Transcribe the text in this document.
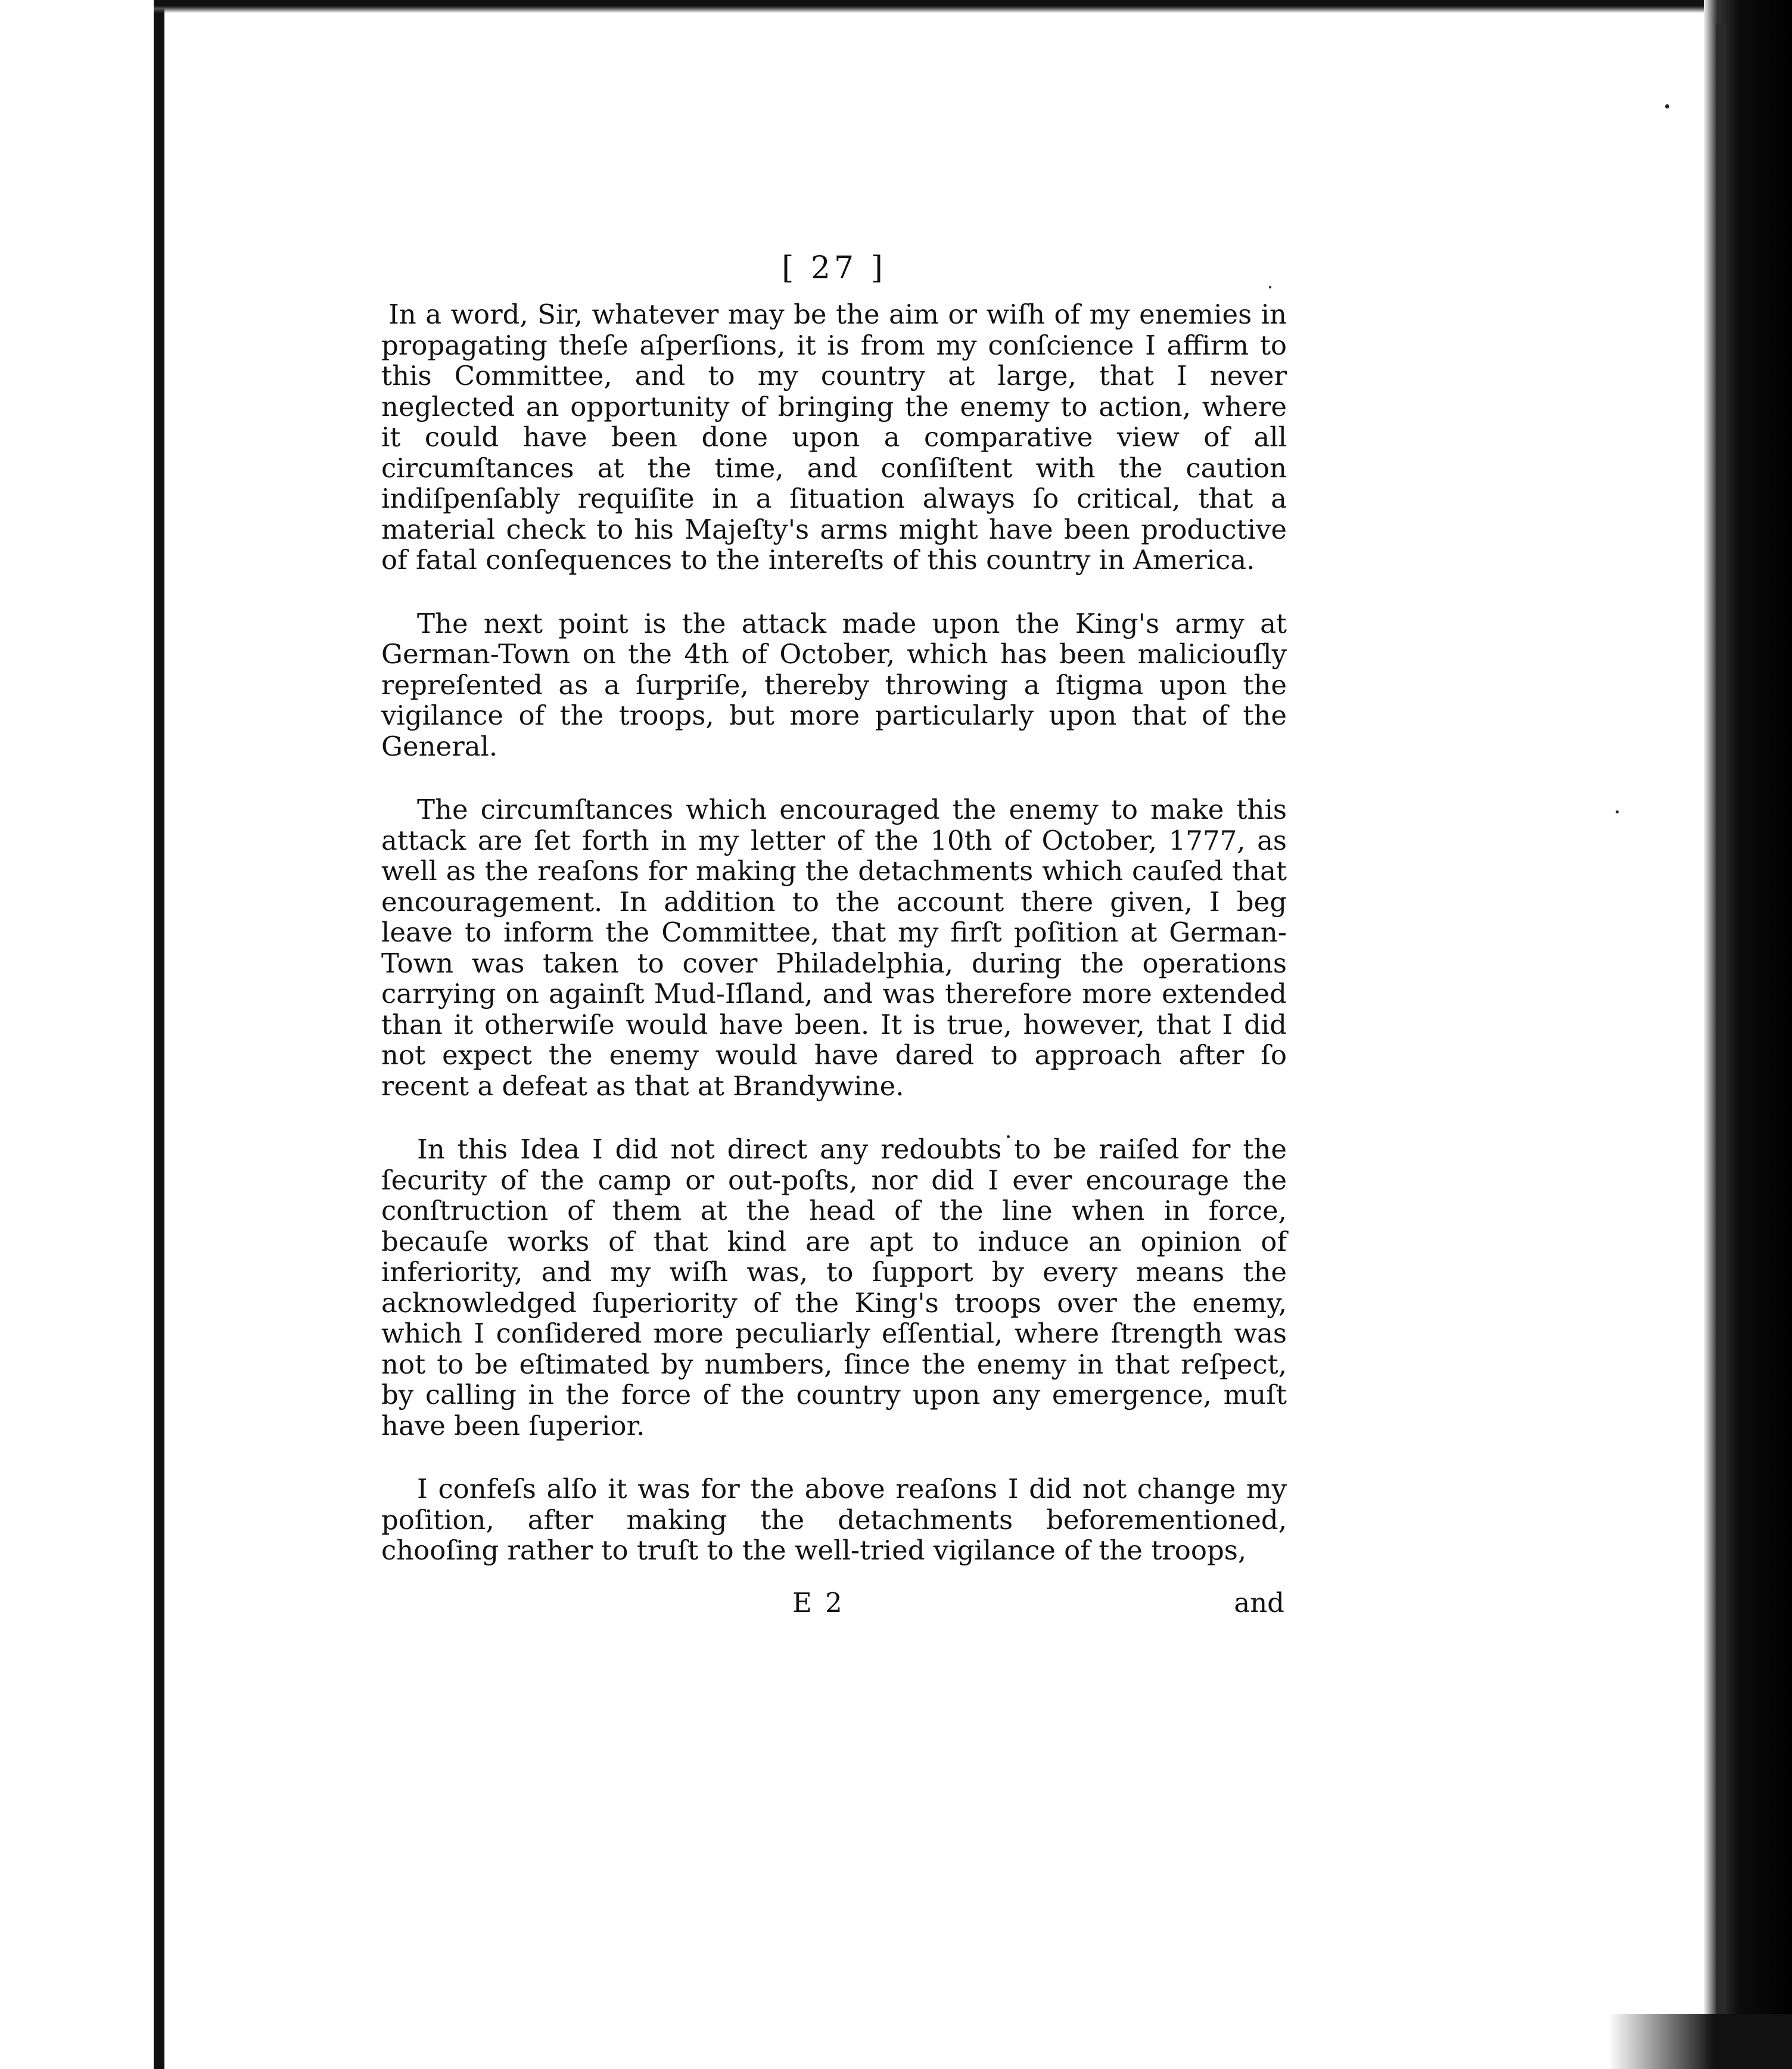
[ 27 ]

In a word, Sir, whatever may be the aim or wiſh of my enemies in propagating theſe aſperſions, it is from my conſcience I affirm to this Committee, and to my country at large, that I never neglected an opportunity of bringing the enemy to action, where it could have been done upon a comparative view of all circumſtances at the time, and conſiſtent with the caution indiſpenſably requiſite in a ſituation always ſo critical, that a material check to his Majeſty's arms might have been productive of fatal conſequences to the intereſts of this country in America.

The next point is the attack made upon the King's army at German-Town on the 4th of October, which has been maliciouſly repreſented as a ſurpriſe, thereby throwing a ſtigma upon the vigilance of the troops, but more particularly upon that of the General.

The circumſtances which encouraged the enemy to make this attack are ſet forth in my letter of the 10th of October, 1777, as well as the reaſons for making the detachments which cauſed that encouragement. In addition to the account there given, I beg leave to inform the Committee, that my firſt poſition at German-Town was taken to cover Philadelphia, during the operations carrying on againſt Mud-Iſland, and was therefore more extended than it otherwiſe would have been. It is true, however, that I did not expect the enemy would have dared to approach after ſo recent a defeat as that at Brandywine.

In this Idea I did not direct any redoubts to be raiſed for the ſecurity of the camp or out-poſts, nor did I ever encourage the conſtruction of them at the head of the line when in force, becauſe works of that kind are apt to induce an opinion of inferiority, and my wiſh was, to ſupport by every means the acknowledged ſuperiority of the King's troops over the enemy, which I conſidered more peculiarly eſſential, where ſtrength was not to be eſtimated by numbers, ſince the enemy in that reſpect, by calling in the force of the country upon any emergence, muſt have been ſuperior.

I confeſs alſo it was for the above reaſons I did not change my poſition, after making the detachments beforementioned, chooſing rather to truſt to the well-tried vigilance of the troops,

E 2	and
